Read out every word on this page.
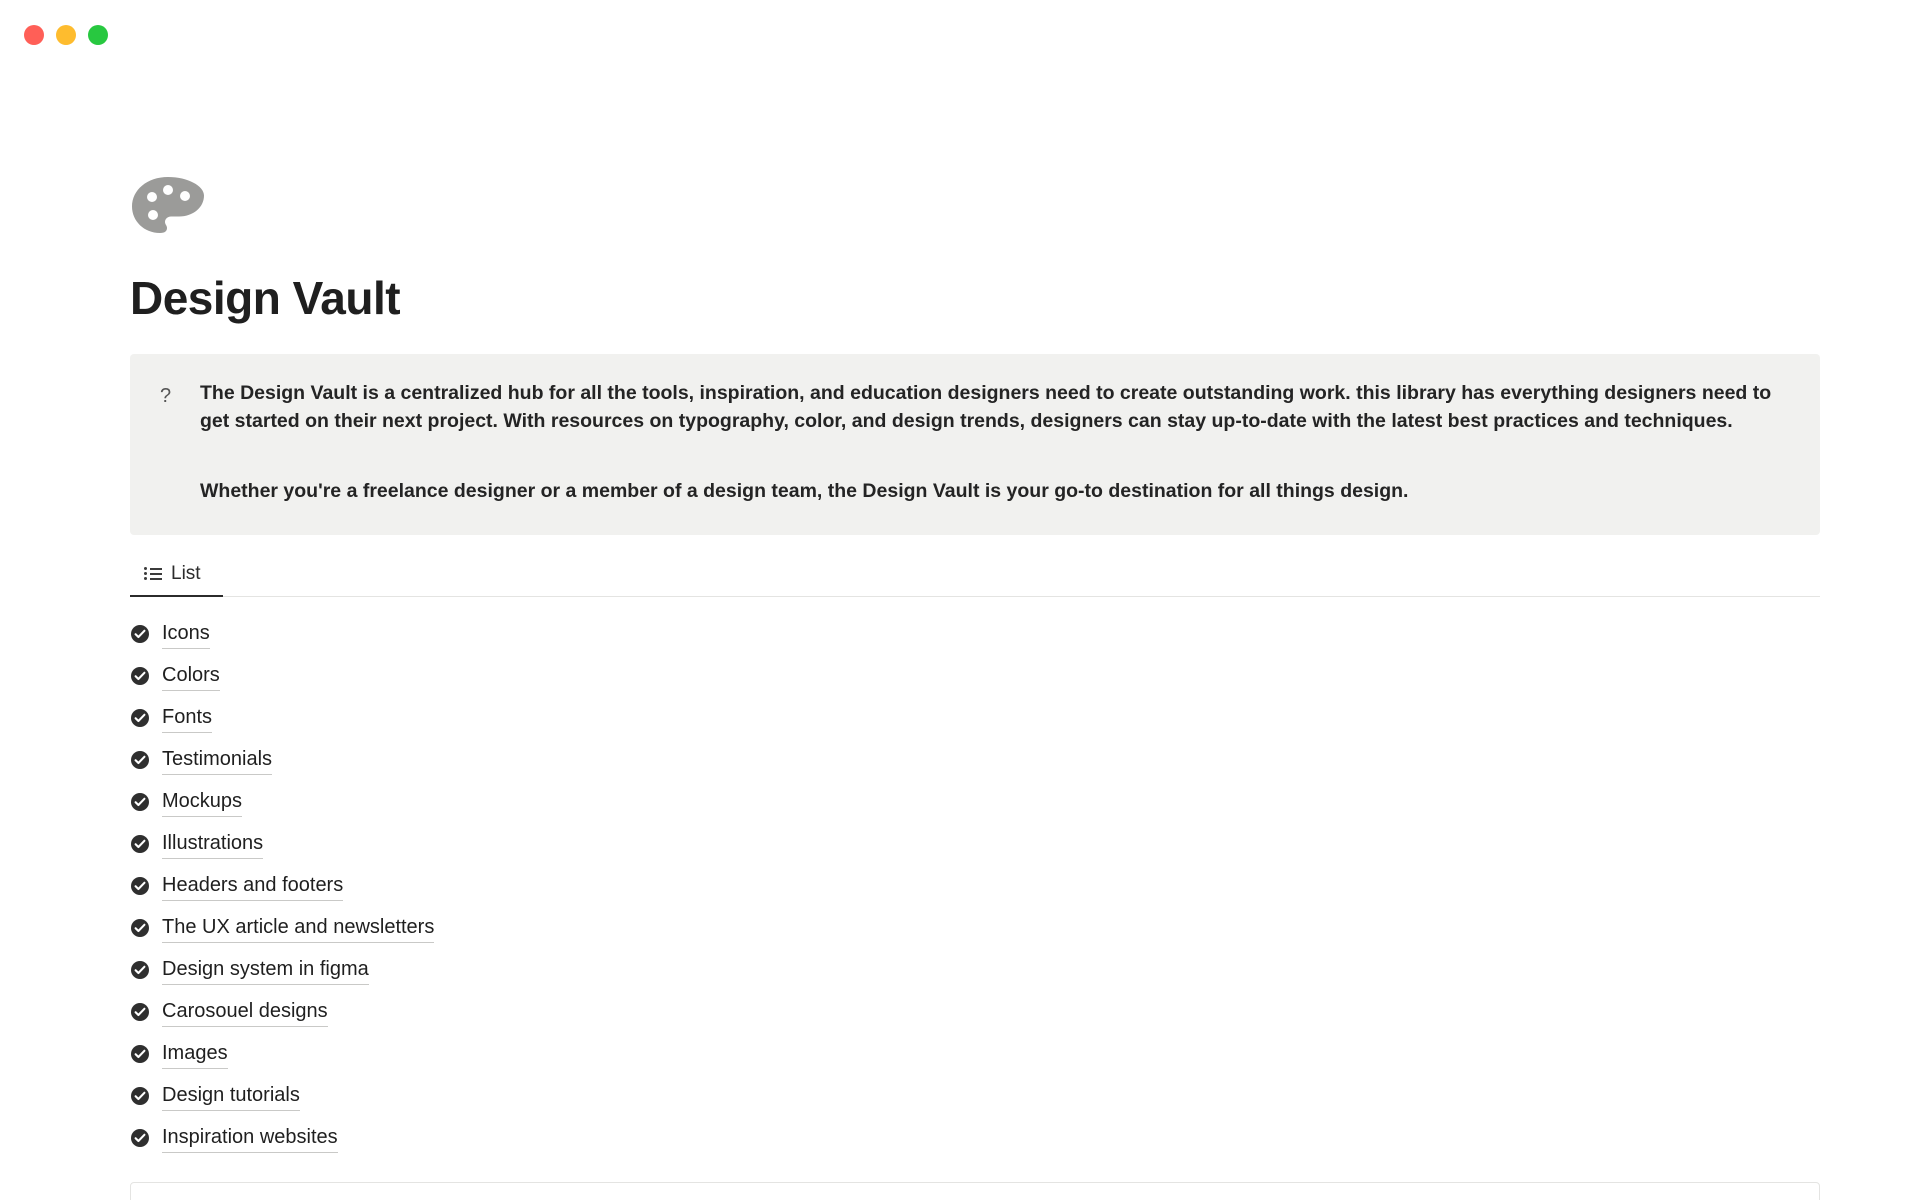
Design Vault
?	The Design Vault is a centralized hub for all the tools, inspiration, and education designers need to create outstanding work. this library has everything designers need to get started on their next project. With resources on typography, color, and design trends, designers can stay up-to-date with the latest best practices and techniques.

Whether you're a freelance designer or a member of a design team, the Design Vault is your go-to destination for all things design.

List
Icons
Colors
Fonts
Testimonials
Mockups
Illustrations
Headers and footers
The UX article and newsletters
Design system in figma
Carosouel designs
Images
Design tutorials
Inspiration websites
